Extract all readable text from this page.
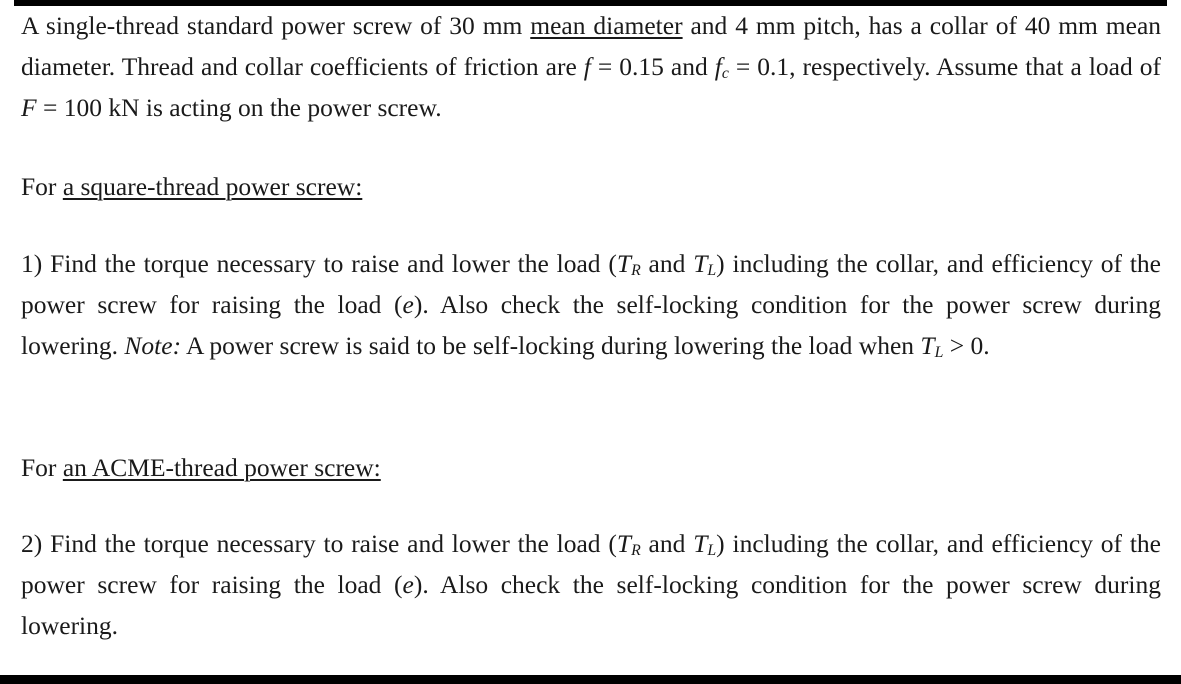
A single-thread standard power screw of 30 mm mean diameter and 4 mm pitch, has a collar of 40 mm mean diameter. Thread and collar coefficients of friction are f = 0.15 and $f_c = 0.1$, respectively. Assume that a load of F = 100 kN is acting on the power screw.

For a square-thread power screw:

1) Find the torque necessary to raise and lower the load ($T_R$ and $T_L$) including the collar, and efficiency of the power screw for raising the load (e). Also check the self-locking condition for the power screw during lowering. Note: A power screw is said to be self-locking during lowering the load when $T_L > 0$.

For an ACME-thread power screw:

2) Find the torque necessary to raise and lower the load ($T_R$ and $T_L$) including the collar, and efficiency of the power screw for raising the load (e). Also check the self-locking condition for the power screw during lowering.
